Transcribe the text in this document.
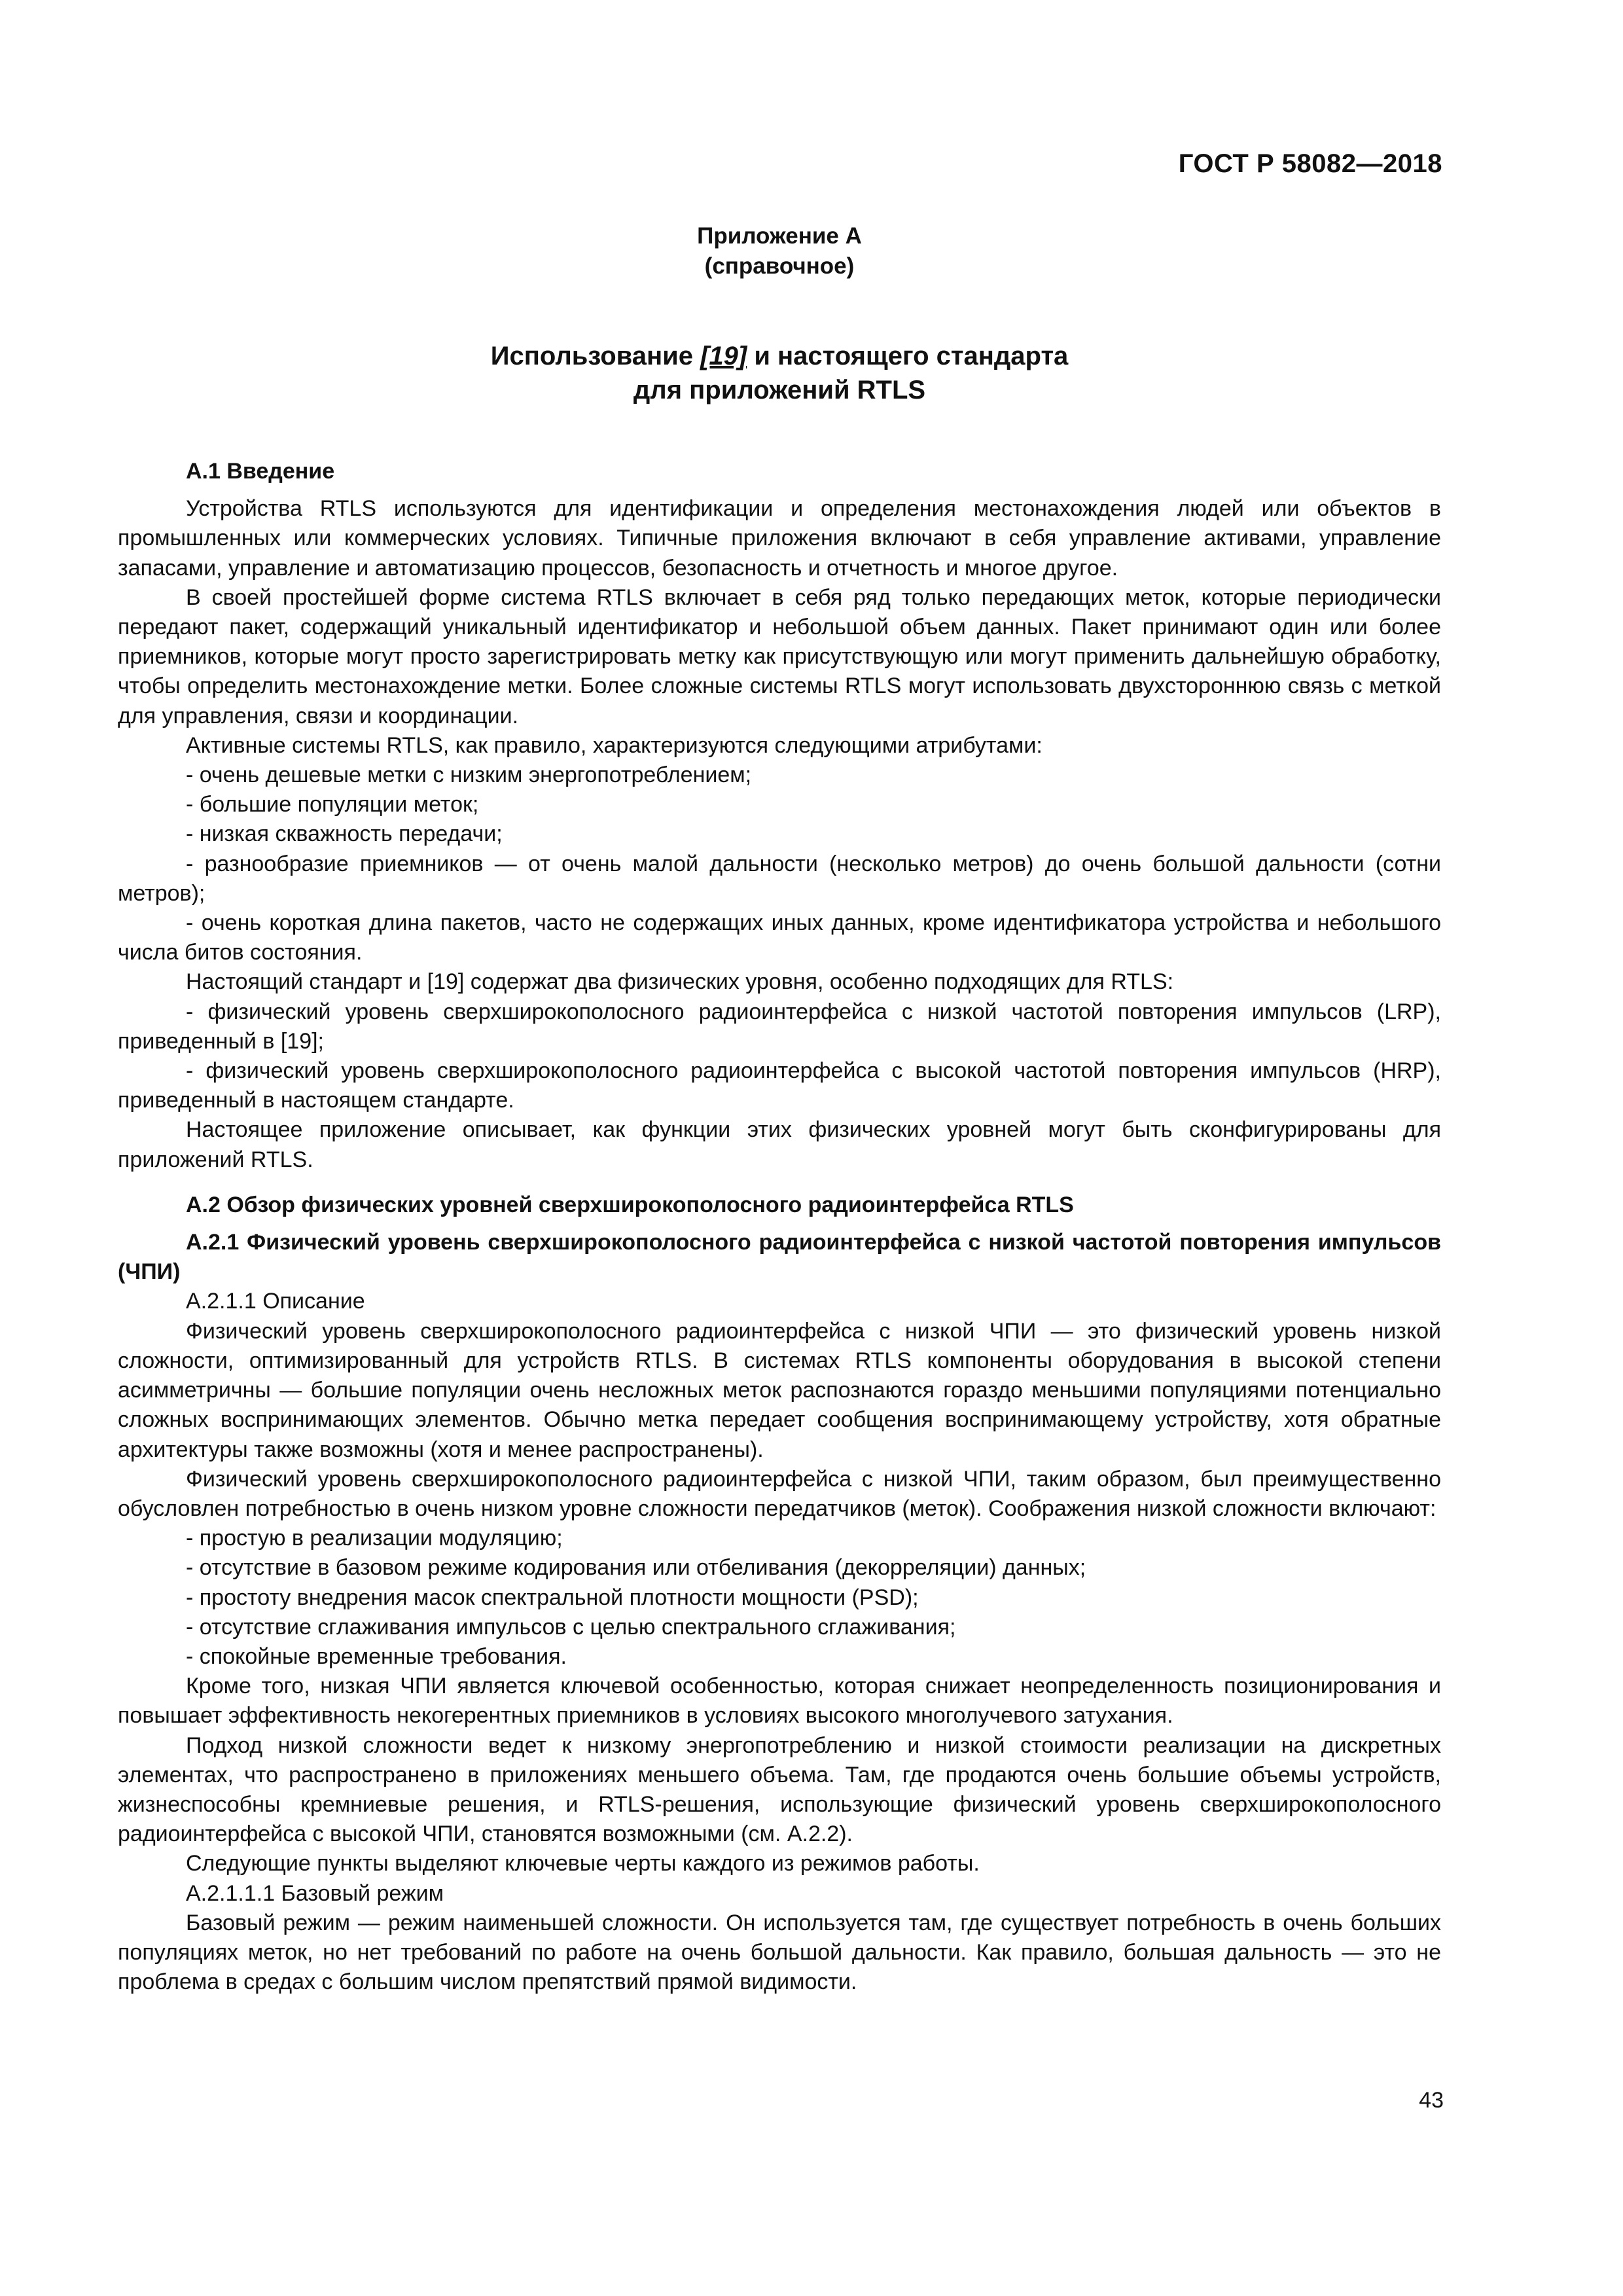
ГОСТ Р 58082—2018
Приложение А
(справочное)
Использование [19] и настоящего стандарта
для приложений RTLS

А.1 Введение

Устройства RTLS используются для идентификации и определения местонахождения людей или объектов в промышленных или коммерческих условиях. Типичные приложения включают в себя управление активами, управление запасами, управление и автоматизацию процессов, безопасность и отчетность и многое другое.

В своей простейшей форме система RTLS включает в себя ряд только передающих меток, которые периодически передают пакет, содержащий уникальный идентификатор и небольшой объем данных. Пакет принимают один или более приемников, которые могут просто зарегистрировать метку как присутствующую или могут применить дальнейшую обработку, чтобы определить местонахождение метки. Более сложные системы RTLS могут использовать двухстороннюю связь с меткой для управления, связи и координации.

Активные системы RTLS, как правило, характеризуются следующими атрибутами:

- очень дешевые метки с низким энергопотреблением;

- большие популяции меток;

- низкая скважность передачи;

- разнообразие приемников — от очень малой дальности (несколько метров) до очень большой дальности (сотни метров);

- очень короткая длина пакетов, часто не содержащих иных данных, кроме идентификатора устройства и небольшого числа битов состояния.

Настоящий стандарт и [19] содержат два физических уровня, особенно подходящих для RTLS:

- физический уровень сверхширокополосного радиоинтерфейса с низкой частотой повторения импульсов (LRP), приведенный в [19];

- физический уровень сверхширокополосного радиоинтерфейса с высокой частотой повторения импульсов (HRP), приведенный в настоящем стандарте.

Настоящее приложение описывает, как функции этих физических уровней могут быть сконфигурированы для приложений RTLS.

А.2 Обзор физических уровней сверхширокополосного радиоинтерфейса RTLS

А.2.1 Физический уровень сверхширокополосного радиоинтерфейса с низкой частотой повторения импульсов (ЧПИ)

А.2.1.1 Описание

Физический уровень сверхширокополосного радиоинтерфейса с низкой ЧПИ — это физический уровень низкой сложности, оптимизированный для устройств RTLS. В системах RTLS компоненты оборудования в высокой степени асимметричны — большие популяции очень несложных меток распознаются гораздо меньшими популяциями потенциально сложных воспринимающих элементов. Обычно метка передает сообщения воспринимающему устройству, хотя обратные архитектуры также возможны (хотя и менее распространены).

Физический уровень сверхширокополосного радиоинтерфейса с низкой ЧПИ, таким образом, был преимущественно обусловлен потребностью в очень низком уровне сложности передатчиков (меток). Соображения низкой сложности включают:

- простую в реализации модуляцию;

- отсутствие в базовом режиме кодирования или отбеливания (декорреляции) данных;

- простоту внедрения масок спектральной плотности мощности (PSD);

- отсутствие сглаживания импульсов с целью спектрального сглаживания;

- спокойные временные требования.

Кроме того, низкая ЧПИ является ключевой особенностью, которая снижает неопределенность позиционирования и повышает эффективность некогерентных приемников в условиях высокого многолучевого затухания.

Подход низкой сложности ведет к низкому энергопотреблению и низкой стоимости реализации на дискретных элементах, что распространено в приложениях меньшего объема. Там, где продаются очень большие объемы устройств, жизнеспособны кремниевые решения, и RTLS-решения, использующие физический уровень сверхширокополосного радиоинтерфейса с высокой ЧПИ, становятся возможными (см. А.2.2).

Следующие пункты выделяют ключевые черты каждого из режимов работы.

А.2.1.1.1 Базовый режим

Базовый режим — режим наименьшей сложности. Он используется там, где существует потребность в очень больших популяциях меток, но нет требований по работе на очень большой дальности. Как правило, большая дальность — это не проблема в средах с большим числом препятствий прямой видимости.

43
